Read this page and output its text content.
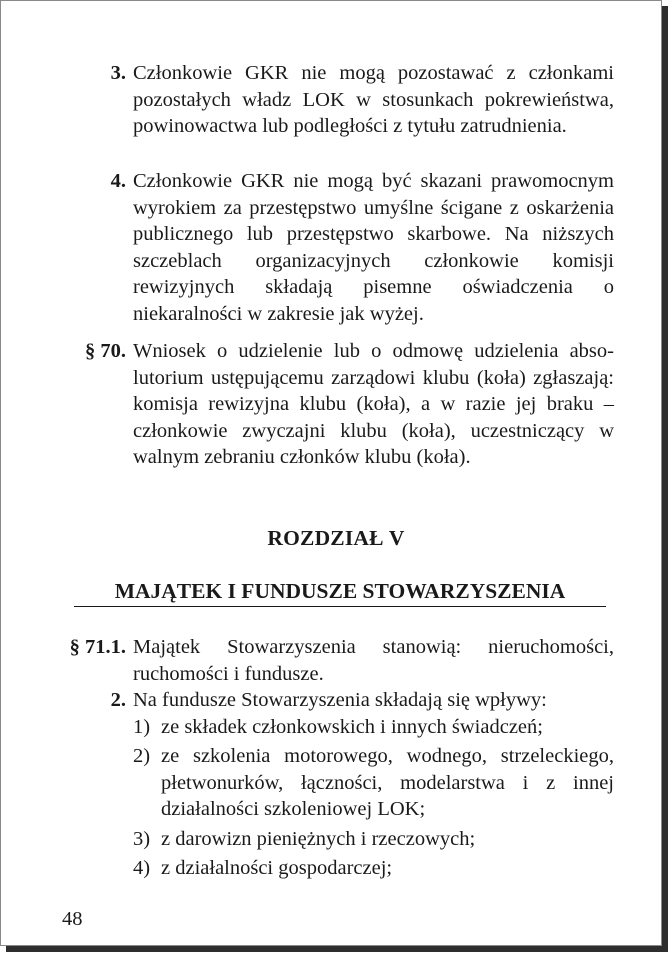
3. Członkowie GKR nie mogą pozostawać z członkami pozostałych władz LOK w stosunkach pokrewieństwa, powinowactwa lub podległości z tytułu zatrudnienia.
4. Członkowie GKR nie mogą być skazani prawomocnym wyrokiem za przestępstwo umyślne ścigane z oskarżenia publicznego lub przestępstwo skarbowe. Na niższych szczeblach organizacyjnych członkowie komisji rewizyjnych składają pisemne oświadczenia o niekaralności w zakresie jak wyżej.
§ 70. Wniosek o udzielenie lub o odmowę udzielenia absolutorium ustępującemu zarządowi klubu (koła) zgłaszają: komisja rewizyjna klubu (koła), a w razie jej braku – członkowie zwyczajni klubu (koła), uczestniczący w walnym zebraniu członków klubu (koła).
ROZDZIAŁ V
MAJĄTEK I FUNDUSZE STOWARZYSZENIA
§ 71.1. Majątek Stowarzyszenia stanowią: nieruchomości, ruchomości i fundusze.
2. Na fundusze Stowarzyszenia składają się wpływy:
1) ze składek członkowskich i innych świadczeń;
2) ze szkolenia motorowego, wodnego, strzeleckiego, płetwonurków, łączności, modelarstwa i z innej działalności szkoleniowej LOK;
3) z darowizn pieniężnych i rzeczowych;
4) z działalności gospodarczej;
48
